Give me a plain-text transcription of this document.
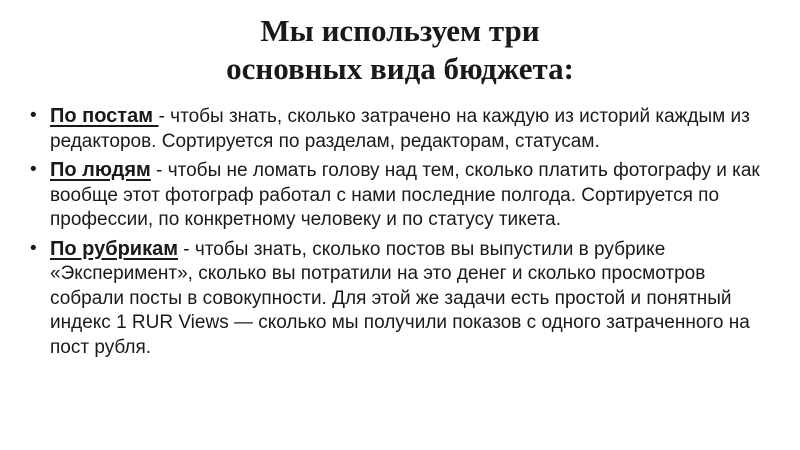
Мы используем три
основных вида бюджета:
• По постам - чтобы знать, сколько затрачено на каждую из историй каждым из редакторов. Сортируется по разделам, редакторам, статусам.
• По людям - чтобы не ломать голову над тем, сколько платить фотографу и как вообще этот фотограф работал с нами последние полгода. Сортируется по профессии, по конкретному человеку и по статусу тикета.
• По рубрикам - чтобы знать, сколько постов вы выпустили в рубрике «Эксперимент», сколько вы потратили на это денег и сколько просмотров собрали посты в совокупности. Для этой же задачи есть простой и понятный индекс 1 RUR Views — сколько мы получили показов с одного затраченного на пост рубля.
